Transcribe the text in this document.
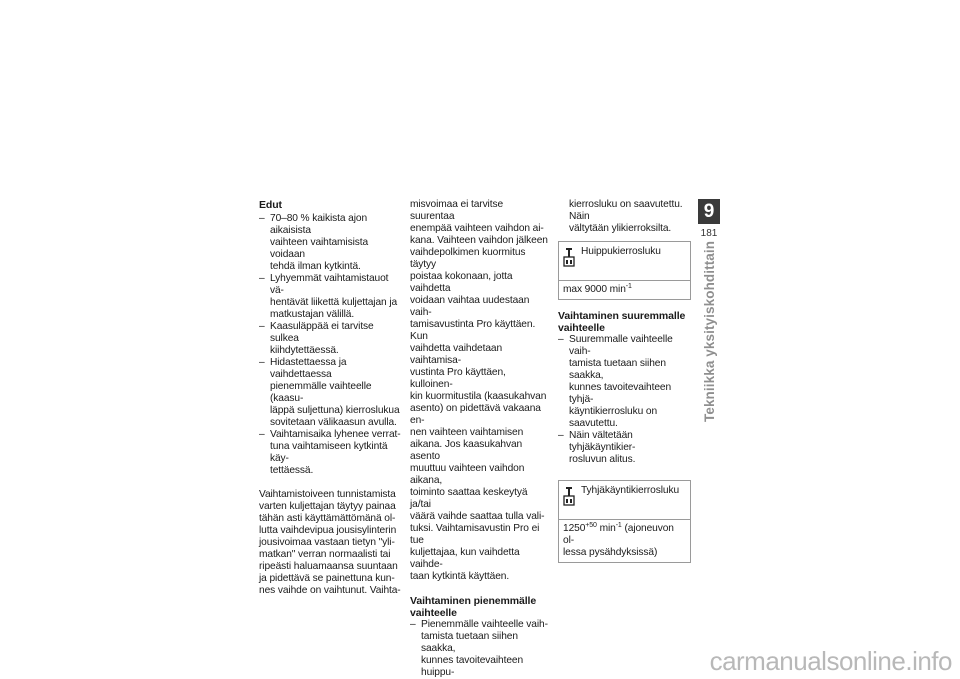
Edut
– 70–80 % kaikista ajon aikaisista
vaihteen vaihtamisista voidaan
tehdä ilman kytkintä.
– Lyhyemmät vaihtamistauot vä-
hentävät liikettä kuljettajan ja
matkustajan välillä.
– Kaasuläppää ei tarvitse sulkea
kiihdytettäessä.
– Hidastettaessa ja vaihdettaessa
pienemmälle vaihteelle (kaasu-
läppä suljettuna) kierroslukua
sovitetaan välikaasun avulla.
– Vaihtamisaika lyhenee verrat-
tuna vaihtamiseen kytkintä käy-
tettäessä.

Vaihtamistoiveen tunnistamista
varten kuljettajan täytyy painaa
tähän asti käyttämättömänä ol-
lutta vaihdevipua jousisylinterin
jousivoimaa vastaan tietyn "yli-
matkan" verran normaalisti tai
ripeästi haluamaansa suuntaan
ja pidettävä se painettuna kun-
nes vaihde on vaihtunut. Vaihta-

misvoimaa ei tarvitse suurentaa
enempää vaihteen vaihdon ai-
kana. Vaihteen vaihdon jälkeen
vaihdepolkimen kuormitus täytyy
poistaa kokonaan, jotta vaihdetta
voidaan vaihtaa uudestaan vaih-
tamisavustinta Pro käyttäen. Kun
vaihdetta vaihdetaan vaihtamisa-
vustinta Pro käyttäen, kulloinen-
kin kuormitustila (kaasukahvan
asento) on pidettävä vakaana en-
nen vaihteen vaihtamisen
aikana. Jos kaasukahvan asento
muuttuu vaihteen vaihdon aikana,
toiminto saattaa keskeytyä ja/tai
väärä vaihde saattaa tulla vali-
tuksi. Vaihtamisavustin Pro ei tue
kuljettajaa, kun vaihdetta vaihde-
taan kytkintä käyttäen.

Vaihtaminen pienemmälle
vaihteelle
– Pienemmälle vaihteelle vaih-
tamista tuetaan siihen saakka,
kunnes tavoitevaihteen huippu-

kierrosluku on saavutettu. Näin
vältytään ylikierroksilta.

Huippukierrosluku
max 9000 $\min^{-1}$
Vaihtaminen suuremmalle
vaihteelle
– Suuremmalle vaihteelle vaih-
tamista tuetaan siihen saakka,
kunnes tavoitevaihteen tyhjä-
käyntikierrosluku on saavutettu.
– Näin vältetään tyhjäkäyntikier-
rosluvun alitus.
Tyhjäkäyntikierrosluku
$1250^{+50}$ $\min^{-1}$ (ajoneuvon ol-
lessa pysähdyksissä)
9
181
Tekniikka yksityiskohdittain
carmanualsonline.info
